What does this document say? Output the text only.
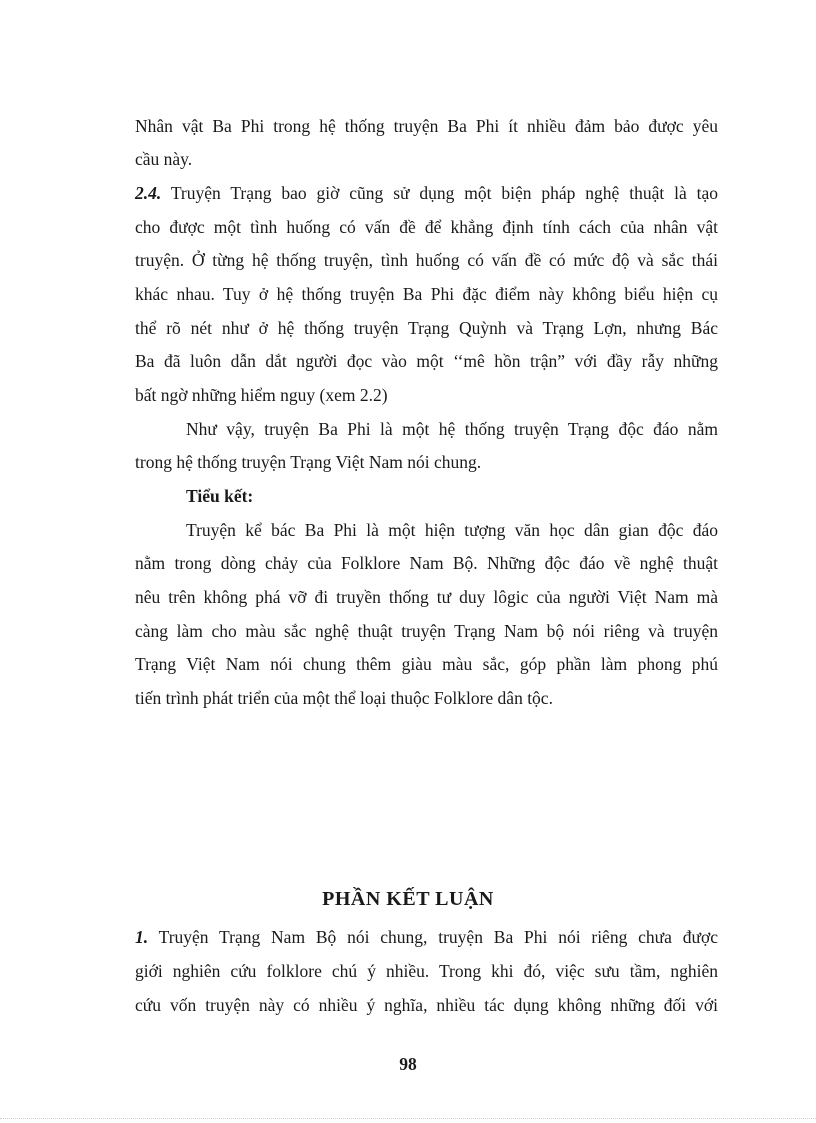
Nhân vật Ba Phi trong hệ thống truyện Ba Phi ít nhiều đảm bảo được yêu
cầu này.
2.4. Truyện Trạng bao giờ cũng sử dụng một biện pháp nghệ thuật là tạo
cho được một tình huống có vấn đề để khẳng định tính cách của nhân vật
truyện. Ở từng hệ thống truyện, tình huống có vấn đề có mức độ và sắc thái
khác nhau. Tuy ở hệ thống truyện Ba Phi đặc điểm này không biểu hiện cụ
thể rõ nét như ở hệ thống truyện Trạng Quỳnh và Trạng Lợn, nhưng Bác
Ba đã luôn dẫn dắt người đọc vào một ‘‘mê hồn trận” với đầy rẫy những
bất ngờ những hiểm nguy (xem 2.2)
Như vậy, truyện Ba Phi là một hệ thống truyện Trạng độc đáo nằm
trong hệ thống truyện Trạng Việt Nam nói chung.
Tiểu kết:
Truyện kể bác Ba Phi là một hiện tượng văn học dân gian độc đáo
nằm trong dòng chảy của Folklore Nam Bộ. Những độc đáo về nghệ thuật
nêu trên không phá vỡ đi truyền thống tư duy lôgic của người Việt Nam mà
càng làm cho màu sắc nghệ thuật truyện Trạng Nam bộ nói riêng và truyện
Trạng Việt Nam nói chung thêm giàu màu sắc, góp phần làm phong phú
tiến trình phát triển của một thể loại thuộc Folklore dân tộc.
PHẦN KẾT LUẬN
1. Truyện Trạng Nam Bộ nói chung, truyện Ba Phi nói riêng chưa được
giới nghiên cứu folklore chú ý nhiều. Trong khi đó, việc sưu tầm, nghiên
cứu vốn truyện này có nhiều ý nghĩa, nhiều tác dụng không những đối với
98
